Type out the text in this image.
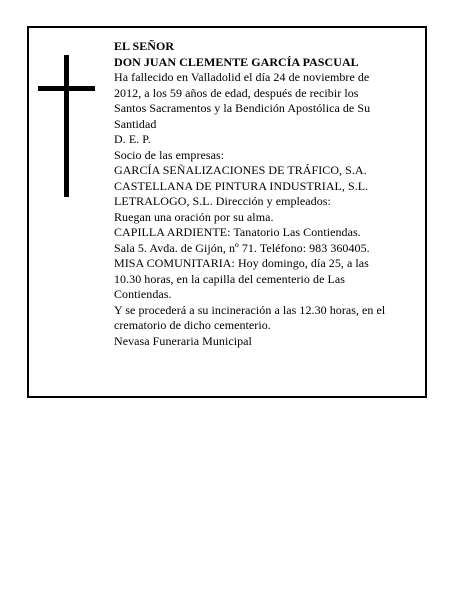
EL SEÑOR
DON JUAN CLEMENTE GARCÍA PASCUAL
Ha fallecido en Valladolid el día 24 de noviembre de
2012, a los 59 años de edad, después de recibir los
Santos Sacramentos y la Bendición Apostólica de Su
Santidad
D. E. P.
Socio de las empresas:
GARCÍA SEÑALIZACIONES DE TRÁFICO, S.A.
CASTELLANA DE PINTURA INDUSTRIAL, S.L.
LETRALOGO, S.L. Dirección y empleados:
Ruegan una oración por su alma.
CAPILLA ARDIENTE: Tanatorio Las Contiendas.
Sala 5. Avda. de Gijón, nº 71. Teléfono: 983 360405.
MISA COMUNITARIA: Hoy domingo, día 25, a las
10.30 horas, en la capilla del cementerio de Las
Contiendas.
Y se procederá a su incineración a las 12.30 horas, en el
crematorio de dicho cementerio.
Nevasa Funeraria Municipal
